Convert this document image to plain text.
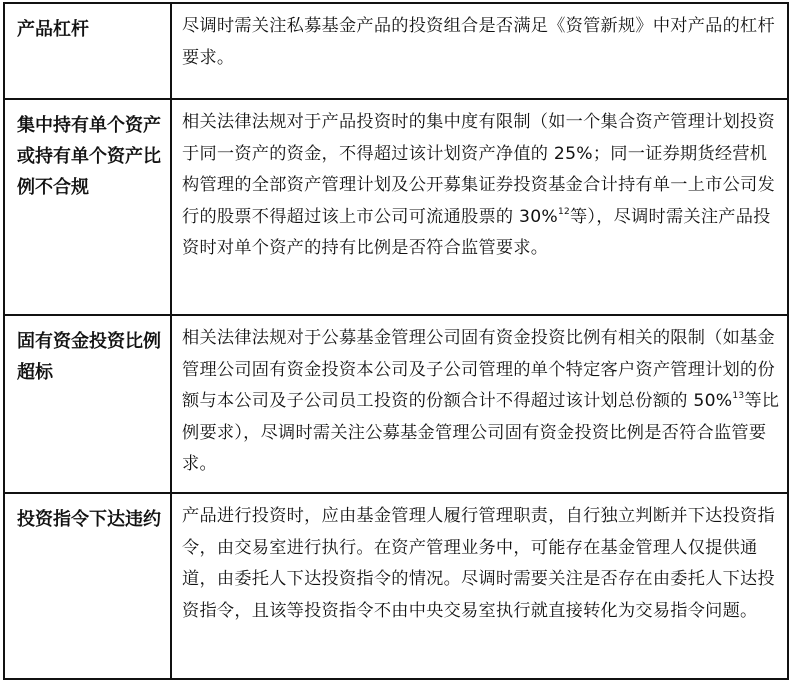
产品杠杆	尽调时需关注私募基金产品的投资组合是否满足《资管新规》中对产品的杠杆要求。
集中持有单个资产或持有单个资产比例不合规	相关法律法规对于产品投资时的集中度有限制（如一个集合资产管理计划投资于同一资产的资金，不得超过该计划资产净值的 25%；同一证券期货经营机构管理的全部资产管理计划及公开募集证券投资基金合计持有单一上市公司发行的股票不得超过该上市公司可流通股票的 30%$^{12}$等），尽调时需关注产品投资时对单个资产的持有比例是否符合监管要求。
固有资金投资比例超标	相关法律法规对于公募基金管理公司固有资金投资比例有相关的限制（如基金管理公司固有资金投资本公司及子公司管理的单个特定客户资产管理计划的份额与本公司及子公司员工投资的份额合计不得超过该计划总份额的 50%$^{13}$等比例要求），尽调时需关注公募基金管理公司固有资金投资比例是否符合监管要求。
投资指令下达违约	产品进行投资时，应由基金管理人履行管理职责，自行独立判断并下达投资指令，由交易室进行执行。在资产管理业务中，可能存在基金管理人仅提供通道，由委托人下达投资指令的情况。尽调时需要关注是否存在由委托人下达投资指令，且该等投资指令不由中央交易室执行就直接转化为交易指令问题。
